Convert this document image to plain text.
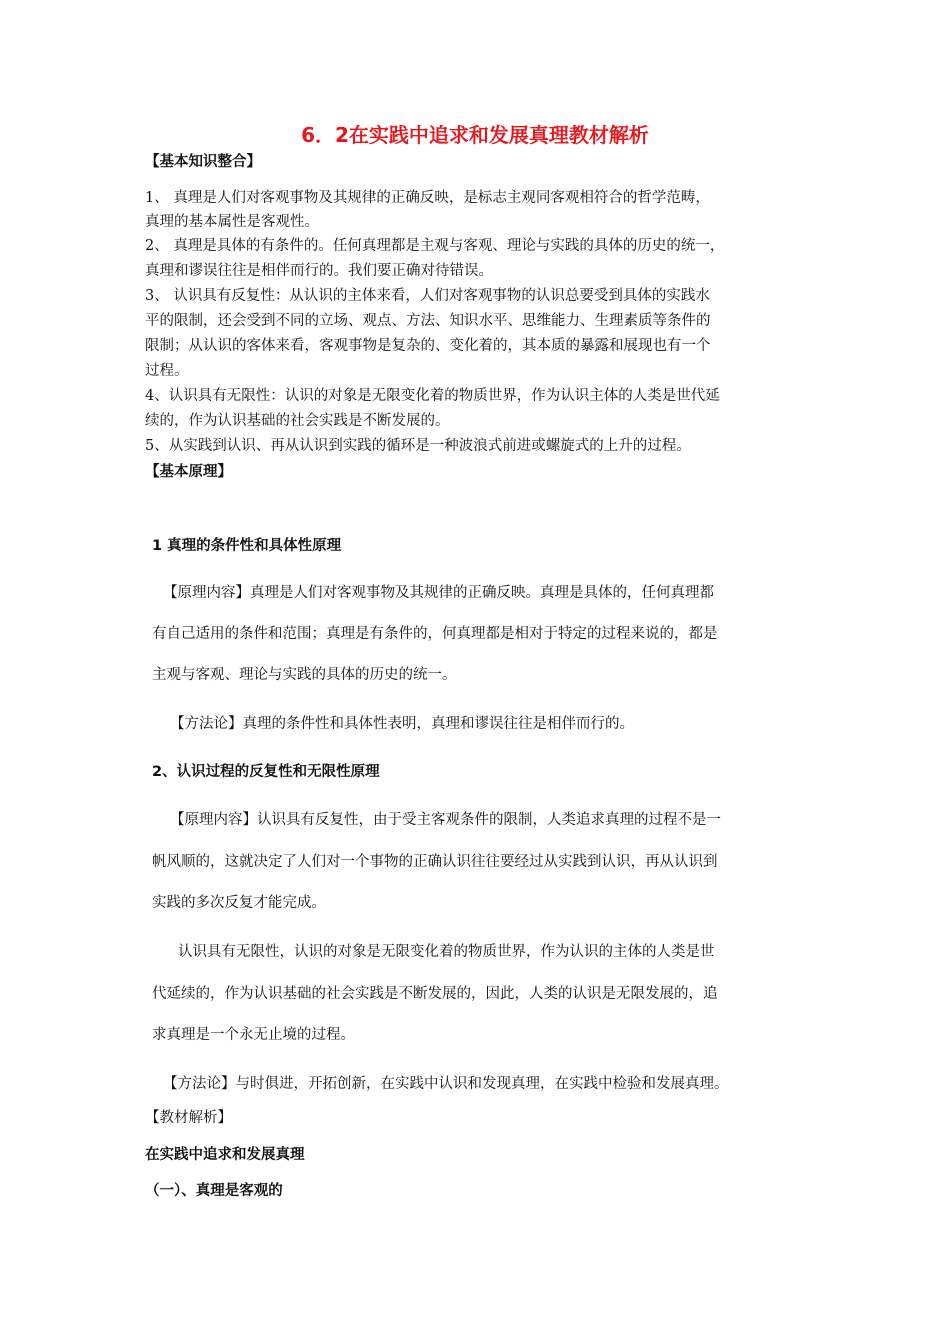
6．2在实践中追求和发展真理教材解析
【基本知识整合】
1、 真理是人们对客观事物及其规律的正确反映，是标志主观同客观相符合的哲学范畴，
真理的基本属性是客观性。
2、 真理是具体的有条件的。任何真理都是主观与客观、理论与实践的具体的历史的统一，
真理和谬误往往是相伴而行的。我们要正确对待错误。
3、 认识具有反复性：从认识的主体来看，人们对客观事物的认识总要受到具体的实践水
平的限制，还会受到不同的立场、观点、方法、知识水平、思维能力、生理素质等条件的
限制；从认识的客体来看，客观事物是复杂的、变化着的，其本质的暴露和展现也有一个
过程。
4、认识具有无限性：认识的对象是无限变化着的物质世界，作为认识主体的人类是世代延
续的，作为认识基础的社会实践是不断发展的。
5、从实践到认识、再从认识到实践的循环是一种波浪式前进或螺旋式的上升的过程。
【基本原理】
1 真理的条件性和具体性原理
【原理内容】真理是人们对客观事物及其规律的正确反映。真理是具体的，任何真理都
有自己适用的条件和范围；真理是有条件的，何真理都是相对于特定的过程来说的，都是
主观与客观、理论与实践的具体的历史的统一。
【方法论】真理的条件性和具体性表明，真理和谬误往往是相伴而行的。
2、认识过程的反复性和无限性原理
【原理内容】认识具有反复性，由于受主客观条件的限制，人类追求真理的过程不是一
帆风顺的，这就决定了人们对一个事物的正确认识往往要经过从实践到认识，再从认识到
实践的多次反复才能完成。
认识具有无限性，认识的对象是无限变化着的物质世界，作为认识的主体的人类是世
代延续的，作为认识基础的社会实践是不断发展的，因此，人类的认识是无限发展的，追
求真理是一个永无止境的过程。
【方法论】与时俱进，开拓创新，在实践中认识和发现真理，在实践中检验和发展真理。
【教材解析】
在实践中追求和发展真理
（一）、真理是客观的
